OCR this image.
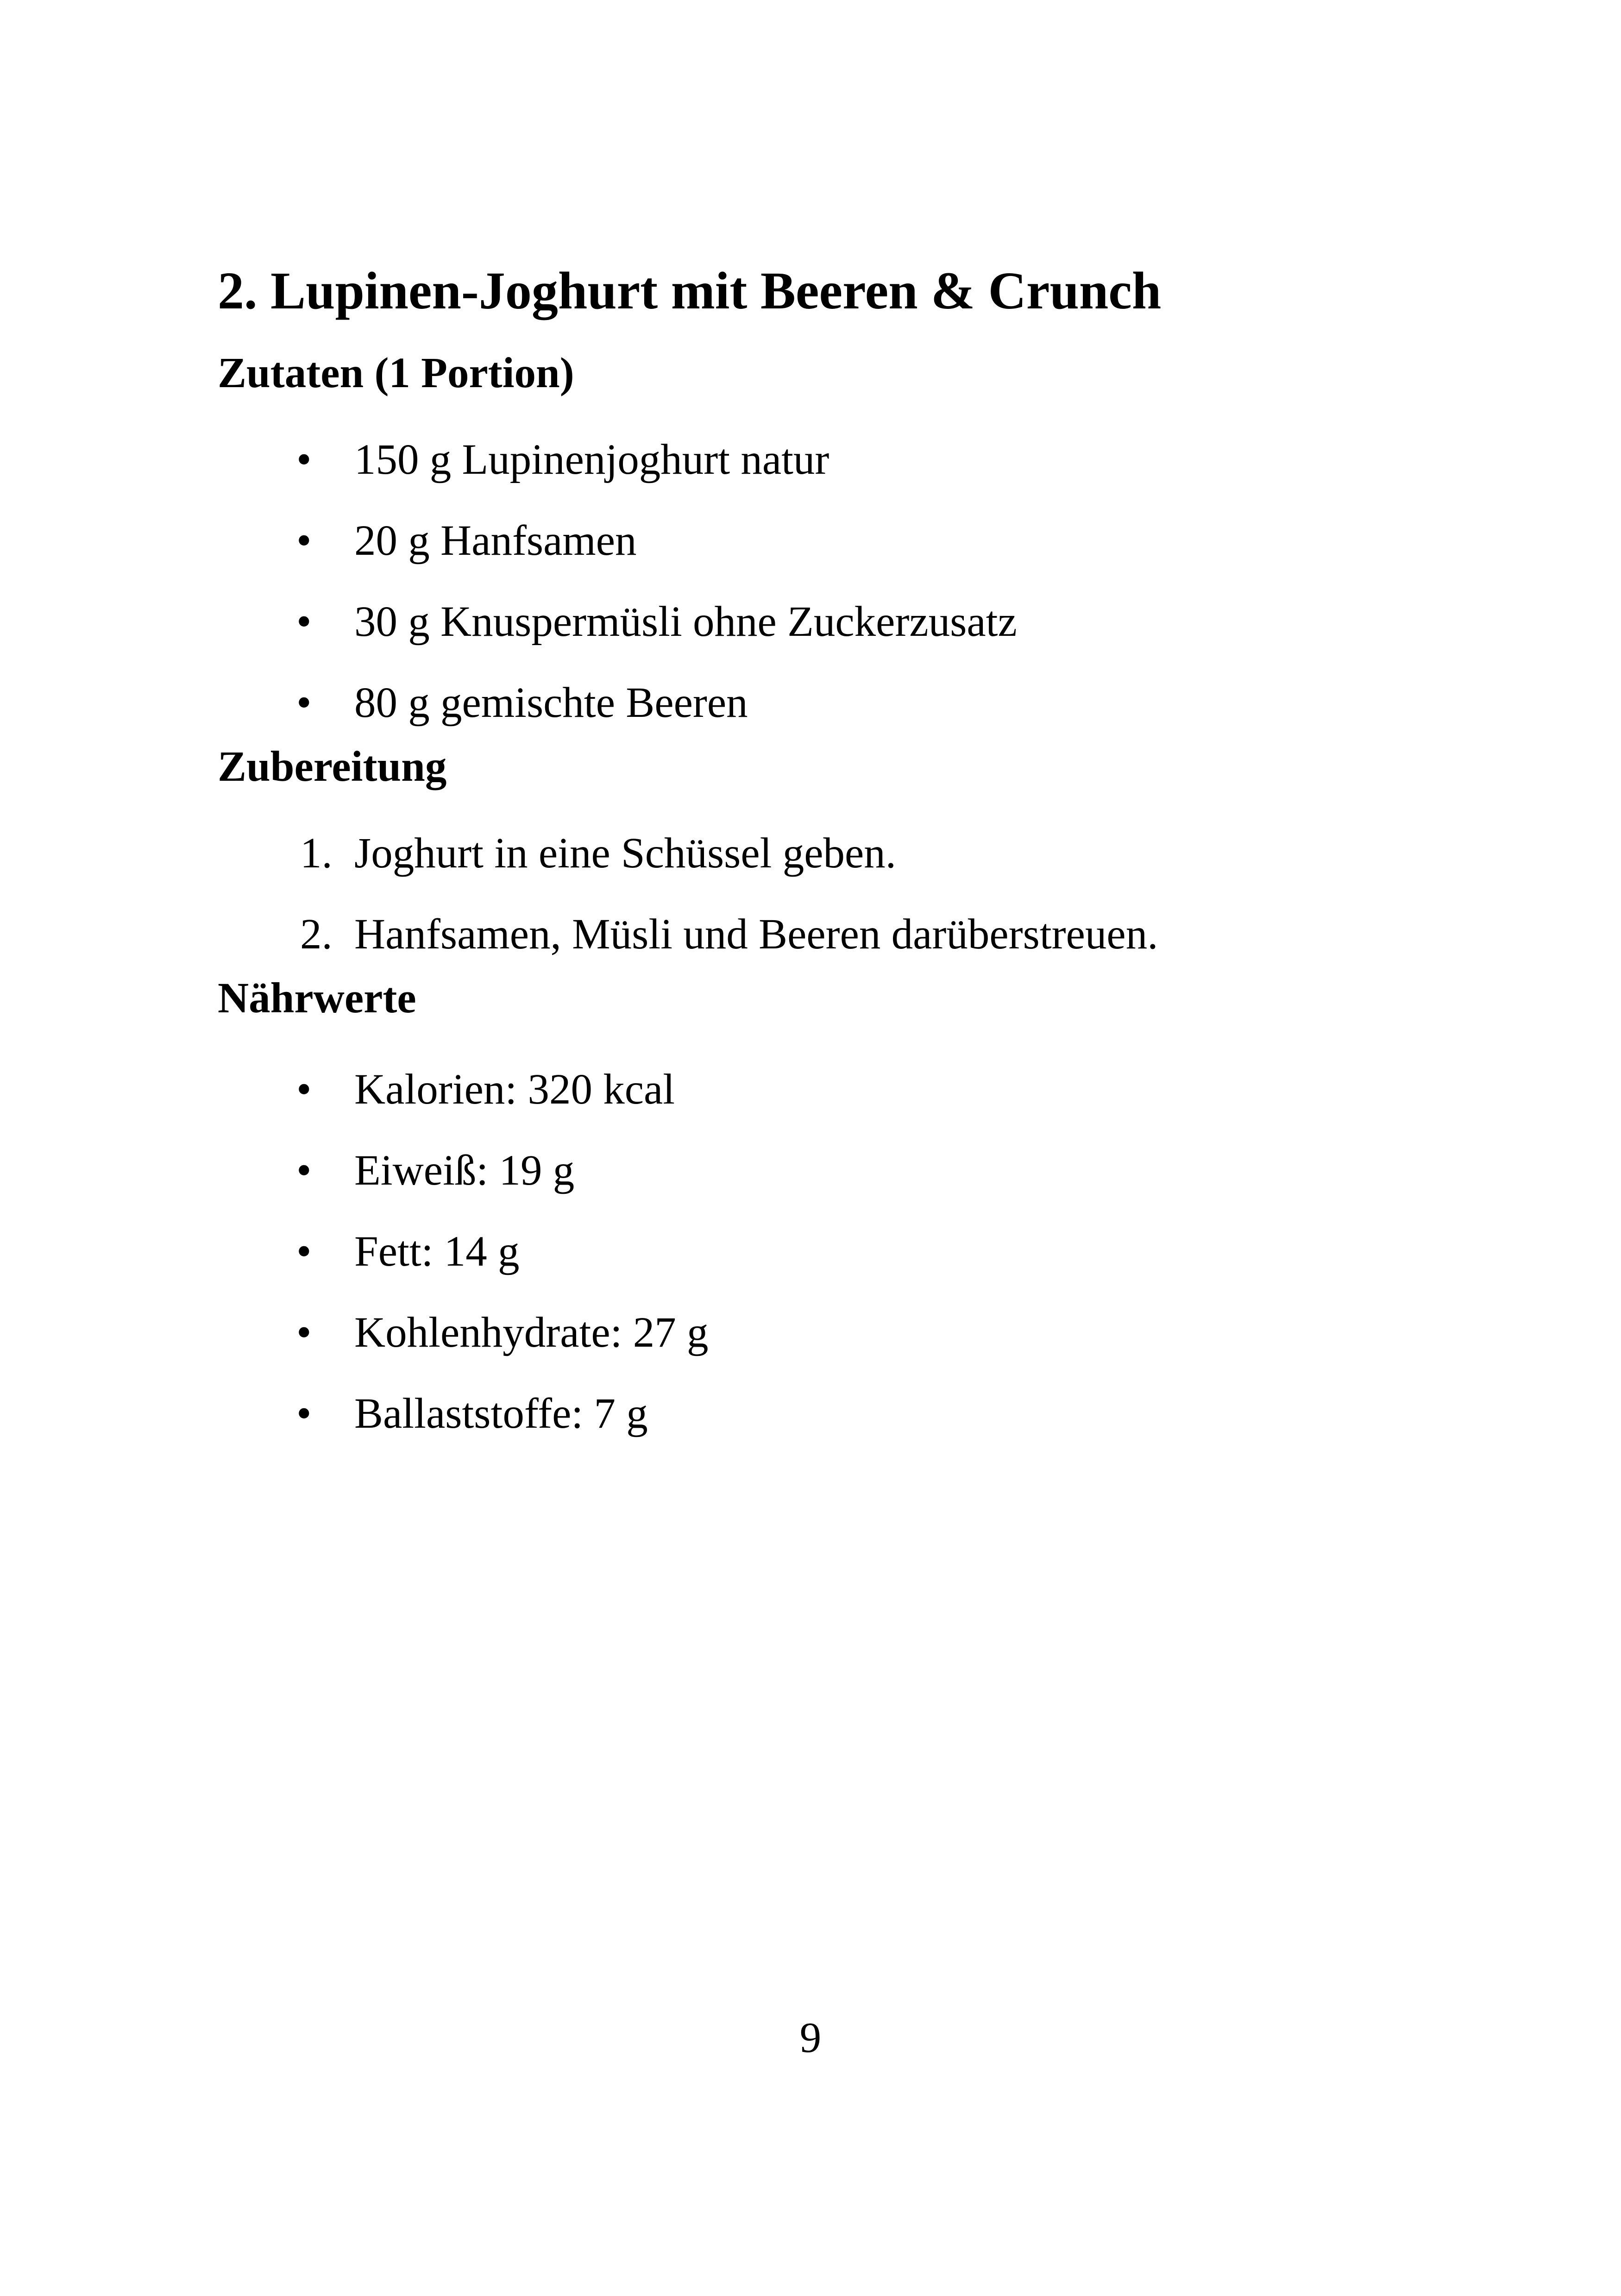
2. Lupinen-Joghurt mit Beeren & Crunch
Zutaten (1 Portion)
• 150 g Lupinenjoghurt natur
• 20 g Hanfsamen
• 30 g Knuspermüsli ohne Zuckerzusatz
• 80 g gemischte Beeren
Zubereitung
1. Joghurt in eine Schüssel geben.
2. Hanfsamen, Müsli und Beeren darüberstreuen.
Nährwerte
• Kalorien: 320 kcal
• Eiweiß: 19 g
• Fett: 14 g
• Kohlenhydrate: 27 g
• Ballaststoffe: 7 g
9
